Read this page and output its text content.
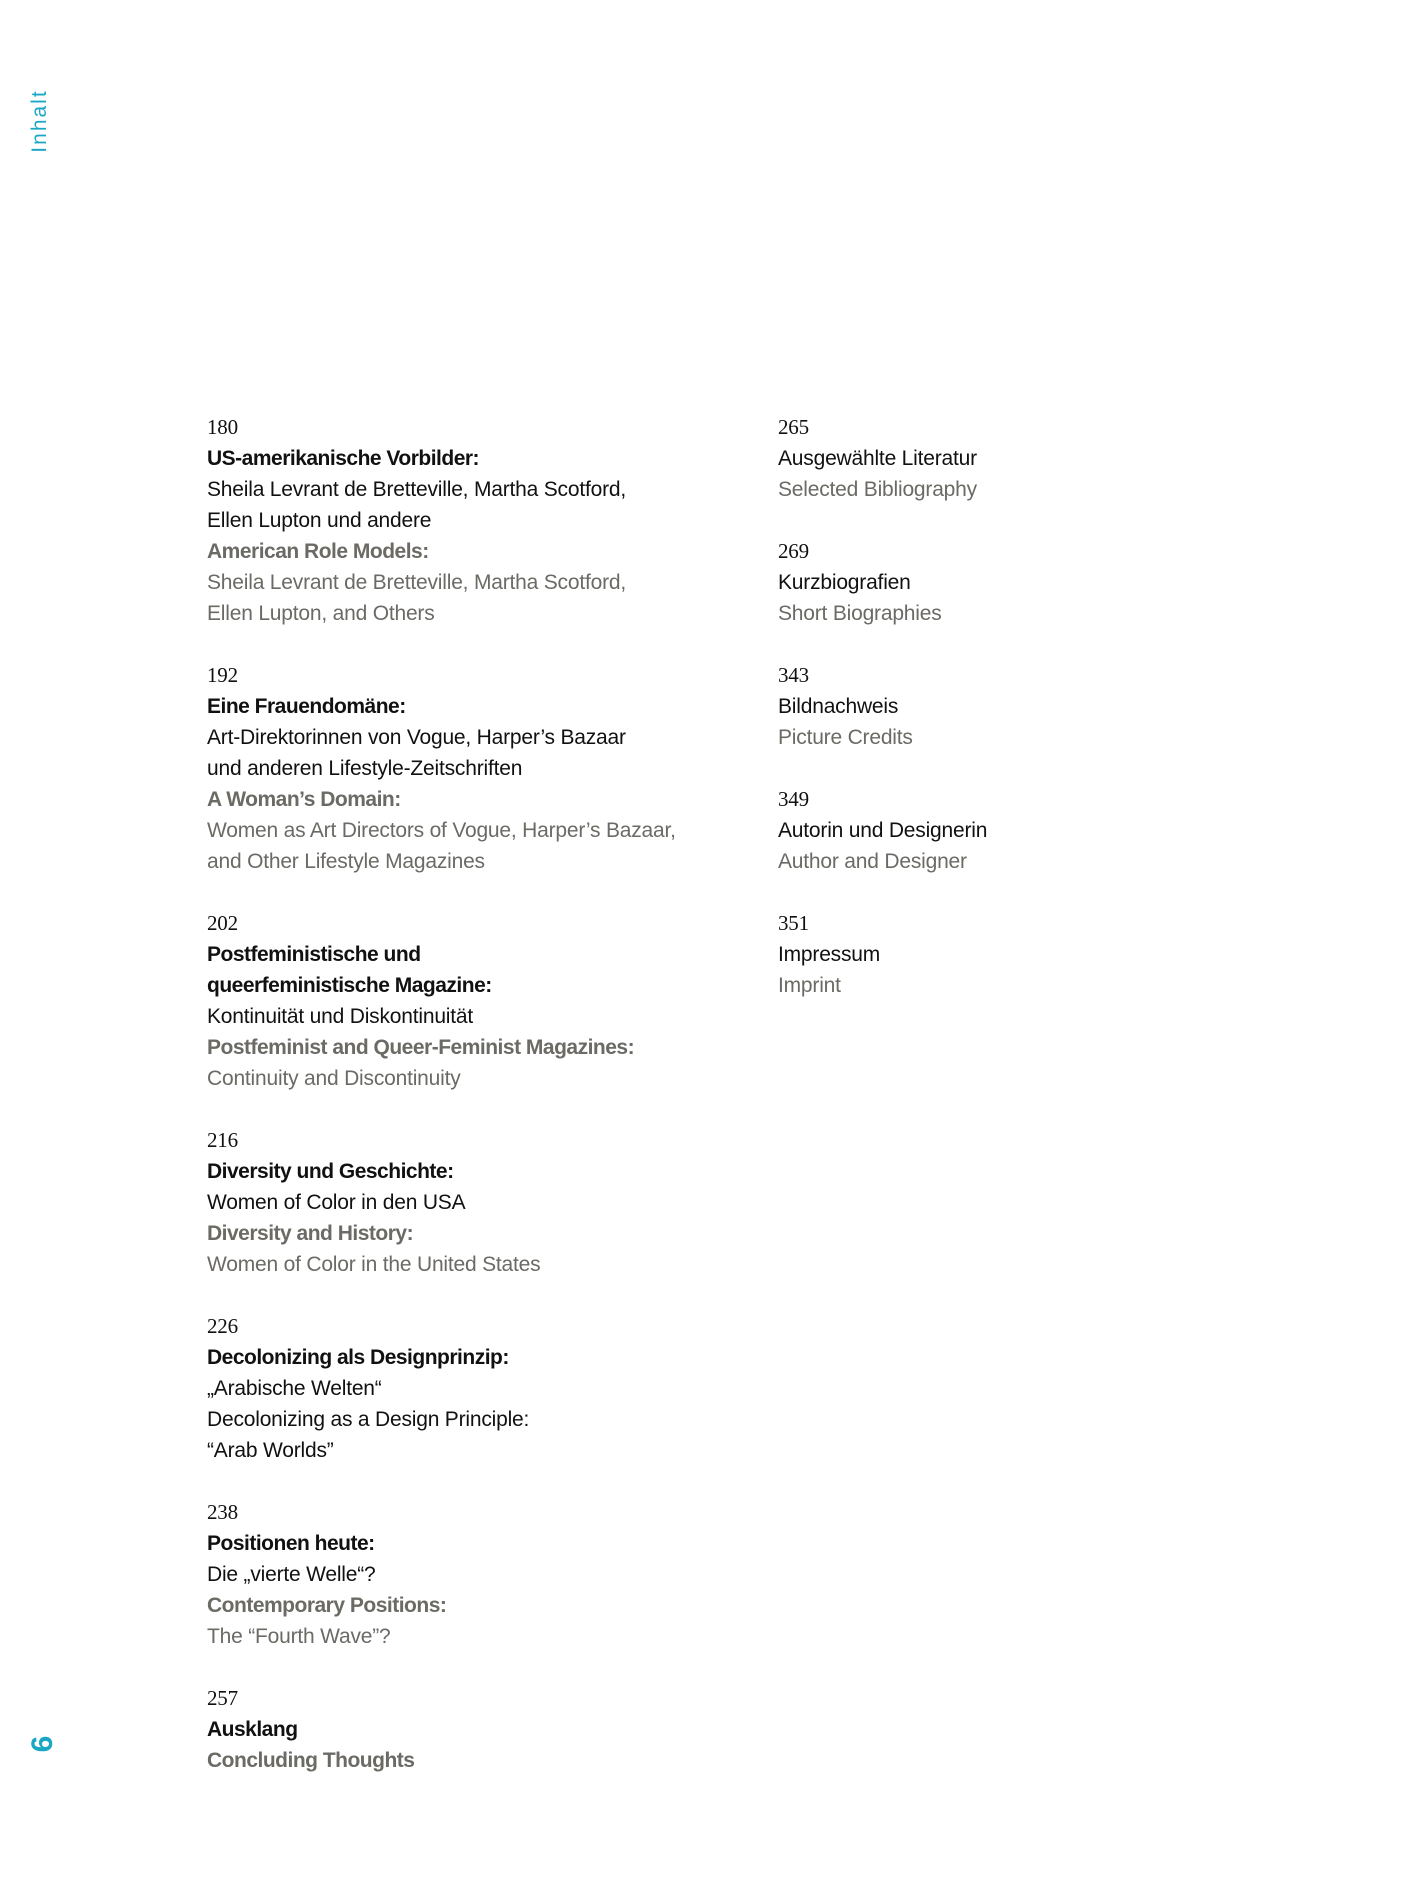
Inhalt
6
180
US-amerikanische Vorbilder:
Sheila Levrant de Bretteville, Martha Scotford,
Ellen Lupton und andere
American Role Models:
Sheila Levrant de Bretteville, Martha Scotford,
Ellen Lupton, and Others
192
Eine Frauendomäne:
Art-Direktorinnen von Vogue, Harper’s Bazaar
und anderen Lifestyle-Zeitschriften
A Woman’s Domain:
Women as Art Directors of Vogue, Harper’s Bazaar,
and Other Lifestyle Magazines
202
Postfeministische und
queerfeministische Magazine:
Kontinuität und Diskontinuität
Postfeminist and Queer-Feminist Magazines:
Continuity and Discontinuity
216
Diversity und Geschichte:
Women of Color in den USA
Diversity and History:
Women of Color in the United States
226
Decolonizing als Designprinzip:
„Arabische Welten“
Decolonizing as a Design Principle:
“Arab Worlds”
238
Positionen heute:
Die „vierte Welle“?
Contemporary Positions:
The “Fourth Wave”?
257
Ausklang
Concluding Thoughts
265
Ausgewählte Literatur
Selected Bibliography
269
Kurzbiografien
Short Biographies
343
Bildnachweis
Picture Credits
349
Autorin und Designerin
Author and Designer
351
Impressum
Imprint
